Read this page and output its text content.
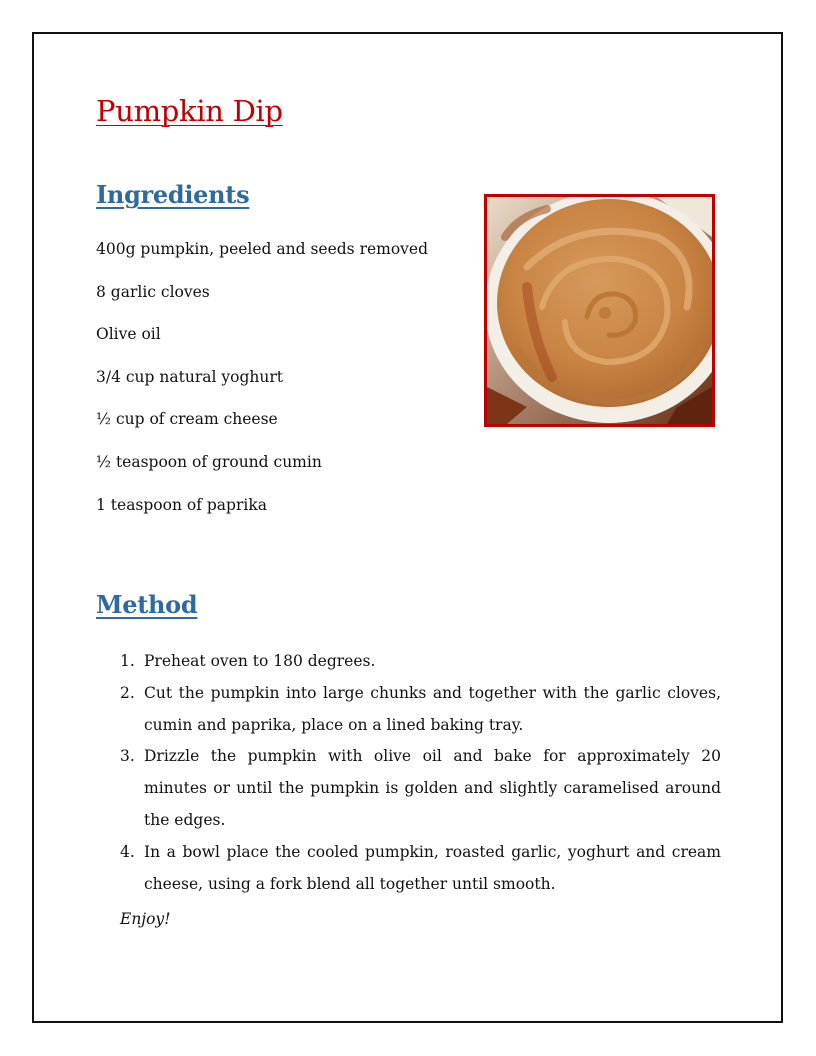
Pumpkin Dip
Ingredients
400g pumpkin, peeled and seeds removed
8 garlic cloves
Olive oil
3/4 cup natural yoghurt
½ cup of cream cheese
½ teaspoon of ground cumin
1 teaspoon of paprika
Method
1. Preheat oven to 180 degrees.
2. Cut the pumpkin into large chunks and together with the garlic cloves, cumin and paprika, place on a lined baking tray.
3. Drizzle the pumpkin with olive oil and bake for approximately 20 minutes or until the pumpkin is golden and slightly caramelised around the edges.
4. In a bowl place the cooled pumpkin, roasted garlic, yoghurt and cream cheese, using a fork blend all together until smooth.

Enjoy!
